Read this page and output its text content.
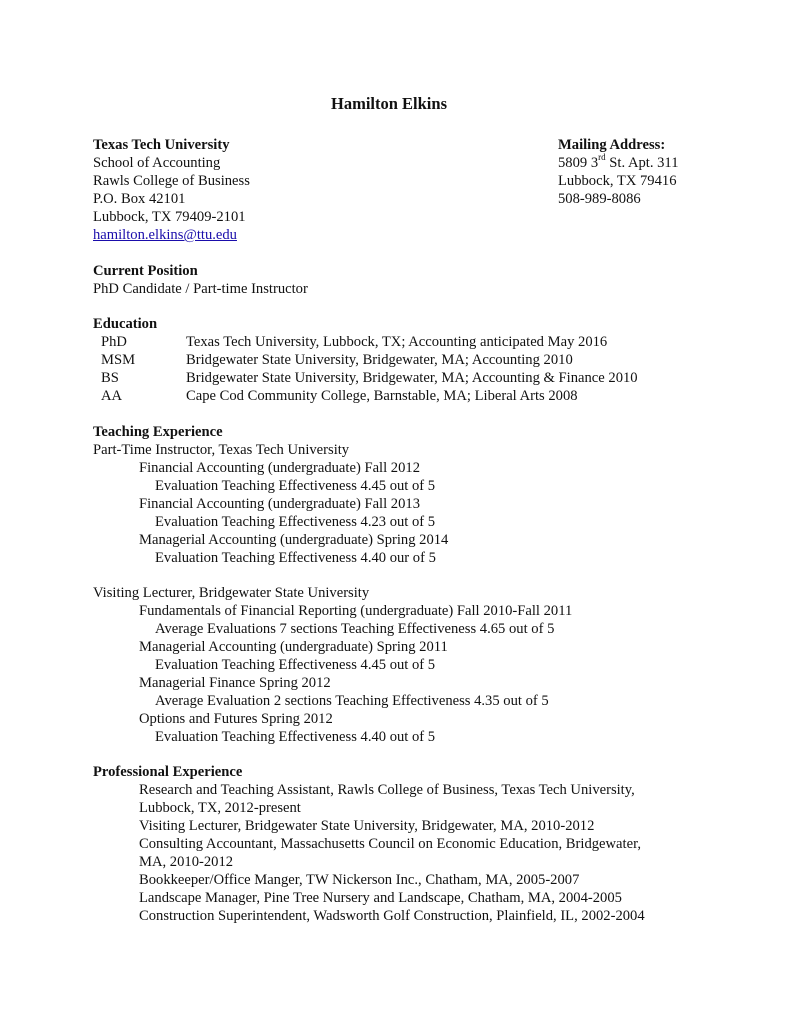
Hamilton Elkins
Texas Tech University
School of Accounting
Rawls College of Business
P.O. Box 42101
Lubbock, TX 79409-2101
hamilton.elkins@ttu.edu
Mailing Address:
5809 3rd St. Apt. 311
Lubbock, TX 79416
508-989-8086
Current Position
PhD Candidate / Part-time Instructor
Education
PhD	Texas Tech University, Lubbock, TX; Accounting anticipated May 2016
MSM	Bridgewater State University, Bridgewater, MA; Accounting 2010
BS	Bridgewater State University, Bridgewater, MA; Accounting & Finance 2010
AA	Cape Cod Community College, Barnstable, MA; Liberal Arts 2008
Teaching Experience
Part-Time Instructor, Texas Tech University
Financial Accounting (undergraduate) Fall 2012
Evaluation Teaching Effectiveness 4.45 out of 5
Financial Accounting (undergraduate) Fall 2013
Evaluation Teaching Effectiveness 4.23 out of 5
Managerial Accounting (undergraduate) Spring 2014
Evaluation Teaching Effectiveness 4.40 our of 5
Visiting Lecturer, Bridgewater State University
Fundamentals of Financial Reporting (undergraduate) Fall 2010-Fall 2011
Average Evaluations 7 sections Teaching Effectiveness 4.65 out of 5
Managerial Accounting (undergraduate) Spring 2011
Evaluation Teaching Effectiveness 4.45 out of 5
Managerial Finance Spring 2012
Average Evaluation 2 sections Teaching Effectiveness 4.35 out of 5
Options and Futures Spring 2012
Evaluation Teaching Effectiveness 4.40 out of 5
Professional Experience
Research and Teaching Assistant, Rawls College of Business, Texas Tech University,
Lubbock, TX, 2012-present
Visiting Lecturer, Bridgewater State University, Bridgewater, MA, 2010-2012
Consulting Accountant, Massachusetts Council on Economic Education, Bridgewater,
MA, 2010-2012
Bookkeeper/Office Manger, TW Nickerson Inc., Chatham, MA, 2005-2007
Landscape Manager, Pine Tree Nursery and Landscape, Chatham, MA, 2004-2005
Construction Superintendent, Wadsworth Golf Construction, Plainfield, IL, 2002-2004
